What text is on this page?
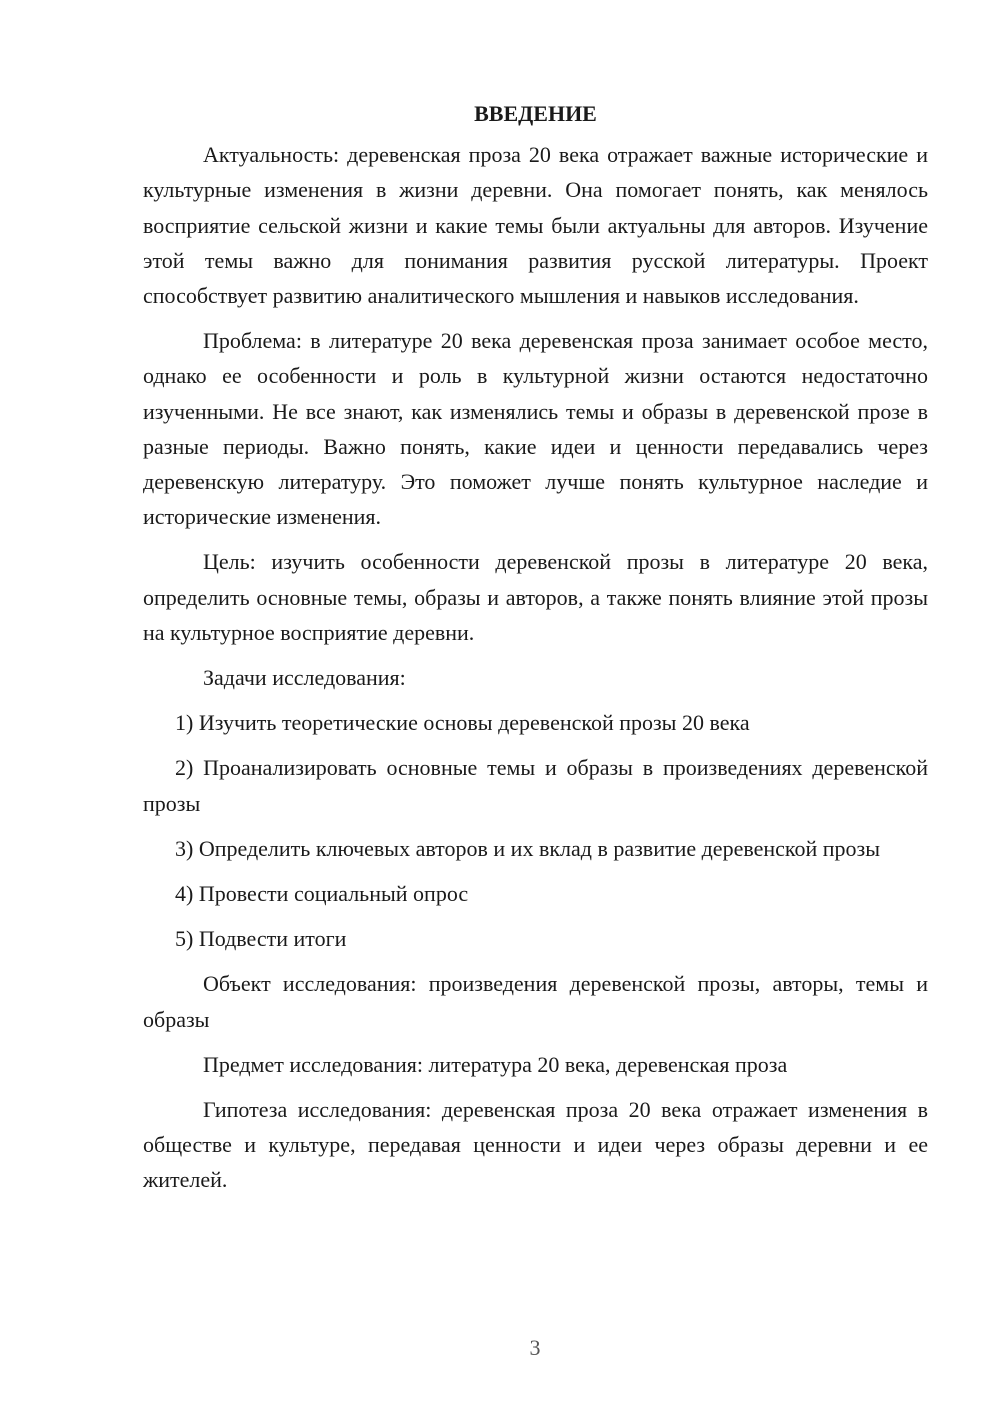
ВВЕДЕНИЕ

Актуальность: деревенская проза 20 века отражает важные исторические и культурные изменения в жизни деревни. Она помогает понять, как менялось восприятие сельской жизни и какие темы были актуальны для авторов. Изучение этой темы важно для понимания развития русской литературы. Проект способствует развитию аналитического мышления и навыков исследования.

Проблема: в литературе 20 века деревенская проза занимает особое место, однако ее особенности и роль в культурной жизни остаются недостаточно изученными. Не все знают, как изменялись темы и образы в деревенской прозе в разные периоды. Важно понять, какие идеи и ценности передавались через деревенскую литературу. Это поможет лучше понять культурное наследие и исторические изменения.

Цель: изучить особенности деревенской прозы в литературе 20 века, определить основные темы, образы и авторов, а также понять влияние этой прозы на культурное восприятие деревни.

Задачи исследования:

1) Изучить теоретические основы деревенской прозы 20 века

2) Проанализировать основные темы и образы в произведениях деревенской прозы

3) Определить ключевых авторов и их вклад в развитие деревенской прозы

4) Провести социальный опрос

5) Подвести итоги

Объект исследования: произведения деревенской прозы, авторы, темы и образы

Предмет исследования: литература 20 века, деревенская проза

Гипотеза исследования: деревенская проза 20 века отражает изменения в обществе и культуре, передавая ценности и идеи через образы деревни и ее жителей.

3
